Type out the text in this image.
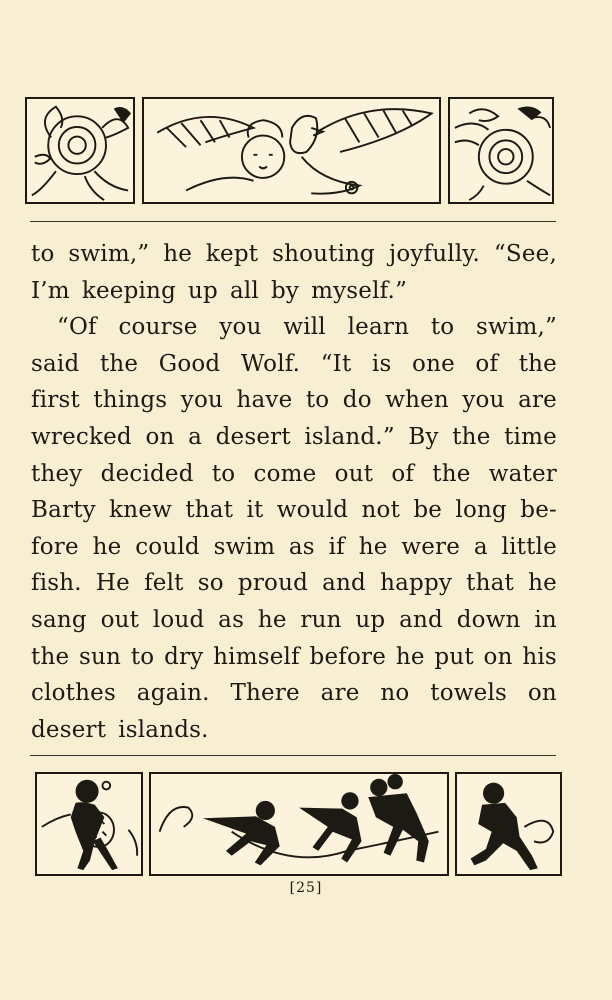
to swim,” he kept shouting joyfully. “See,
I’m keeping up all by myself.”
“Of course you will learn to swim,”
said the Good Wolf. “It is one of the
first things you have to do when you are
wrecked on a desert island.” By the time
they decided to come out of the water
Barty knew that it would not be long be-
fore he could swim as if he were a little
fish. He felt so proud and happy that he
sang out loud as he run up and down in
the sun to dry himself before he put on his
clothes again. There are no towels on
desert islands.
[25]
